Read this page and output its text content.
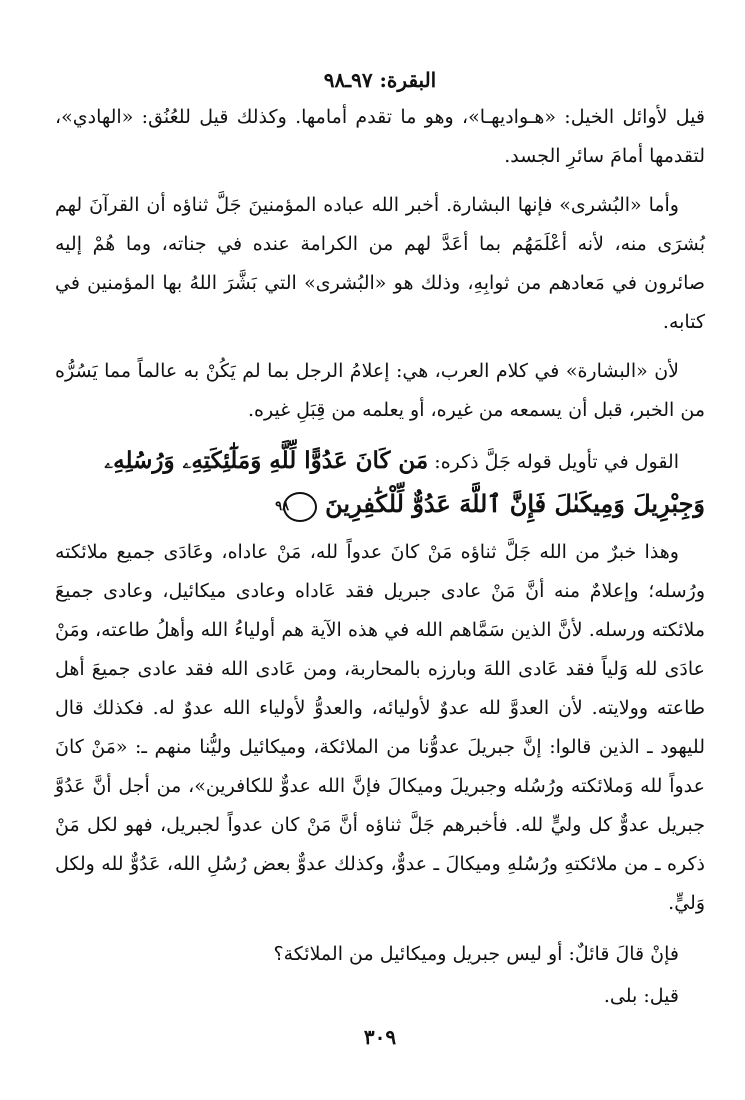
البقرة: ٩٧ـ٩٨

قيل لأوائل الخيل: «هـواديهـا»، وهو ما تقدم أمامها. وكذلك قيل للعُنُق: «الهادي»، لتقدمها أمامَ سائرِ الجسد.

وأما «البُشرى» فإنها البشارة. أخبر الله عباده المؤمنينَ جَلَّ ثناؤه أن القرآنَ لهم بُشرَى منه، لأنه أعْلَمَهُم بما أعَدَّ لهم من الكرامة عنده في جناته، وما هُمْ إليه صائرون في مَعادهم من ثوابِهِ، وذلك هو «البُشرى» التي بَشَّرَ اللهُ بها المؤمنين في كتابه.

لأن «البشارة» في كلام العرب، هي: إعلامُ الرجل بما لم يَكُنْ به عالماً مما يَسُرُّه من الخبر، قبل أن يسمعه من غيره، أو يعلمه من قِبَلِ غيره.

القول في تأويل قوله جَلَّ ذكره: مَن كَانَ عَدُوًّا لِّلَّهِ وَمَلَٰٓئِكَتِهِۦ وَرُسُلِهِۦ
وَجِبْرِيلَ وَمِيكَىٰلَ فَإِنَّ ٱللَّهَ عَدُوٌّ لِّلْكَٰفِرِينَ٩٨

وهذا خبرٌ من الله جَلَّ ثناؤه مَنْ كانَ عدواً لله، مَنْ عاداه، وعَادَى جميع ملائكته ورُسله؛ وإعلامٌ منه أنَّ مَنْ عادى جبريل فقد عَاداه وعادى ميكائيل، وعادى جميعَ ملائكته ورسله. لأنَّ الذين سَمَّاهم الله في هذه الآية هم أولياءُ الله وأهلُ طاعته، ومَنْ عادَى لله وَلياً فقد عَادى اللهَ وبارزه بالمحاربة، ومن عَادى الله فقد عادى جميعَ أهل طاعته وولايته. لأن العدوَّ لله عدوٌ لأوليائه، والعدوُّ لأولياء الله عدوٌ له. فكذلك قال لليهود ـ الذين قالوا: إنَّ جبريلَ عدوُّنا من الملائكة، وميكائيل وليُّنا منهم ـ: «مَنْ كانَ عدواً لله وَملائكته ورُسُله وجبريلَ وميكالَ فإنَّ الله عدوٌّ للكافرين»، من أجل أنَّ عَدُوَّ جبريل عدوٌّ كل وليٍّ لله. فأخبرهم جَلَّ ثناؤه أنَّ مَنْ كان عدواً لجبريل، فهو لكل مَنْ ذكره ـ من ملائكتهِ ورُسُلهِ وميكالَ ـ عدوٌّ، وكذلك عدوٌّ بعض رُسُلِ الله، عَدُوٌّ لله ولكل وَليٍّ.

فإنْ قالَ قائلٌ: أو ليس جبريل وميكائيل من الملائكة؟

قيل: بلى.

٣٠٩
